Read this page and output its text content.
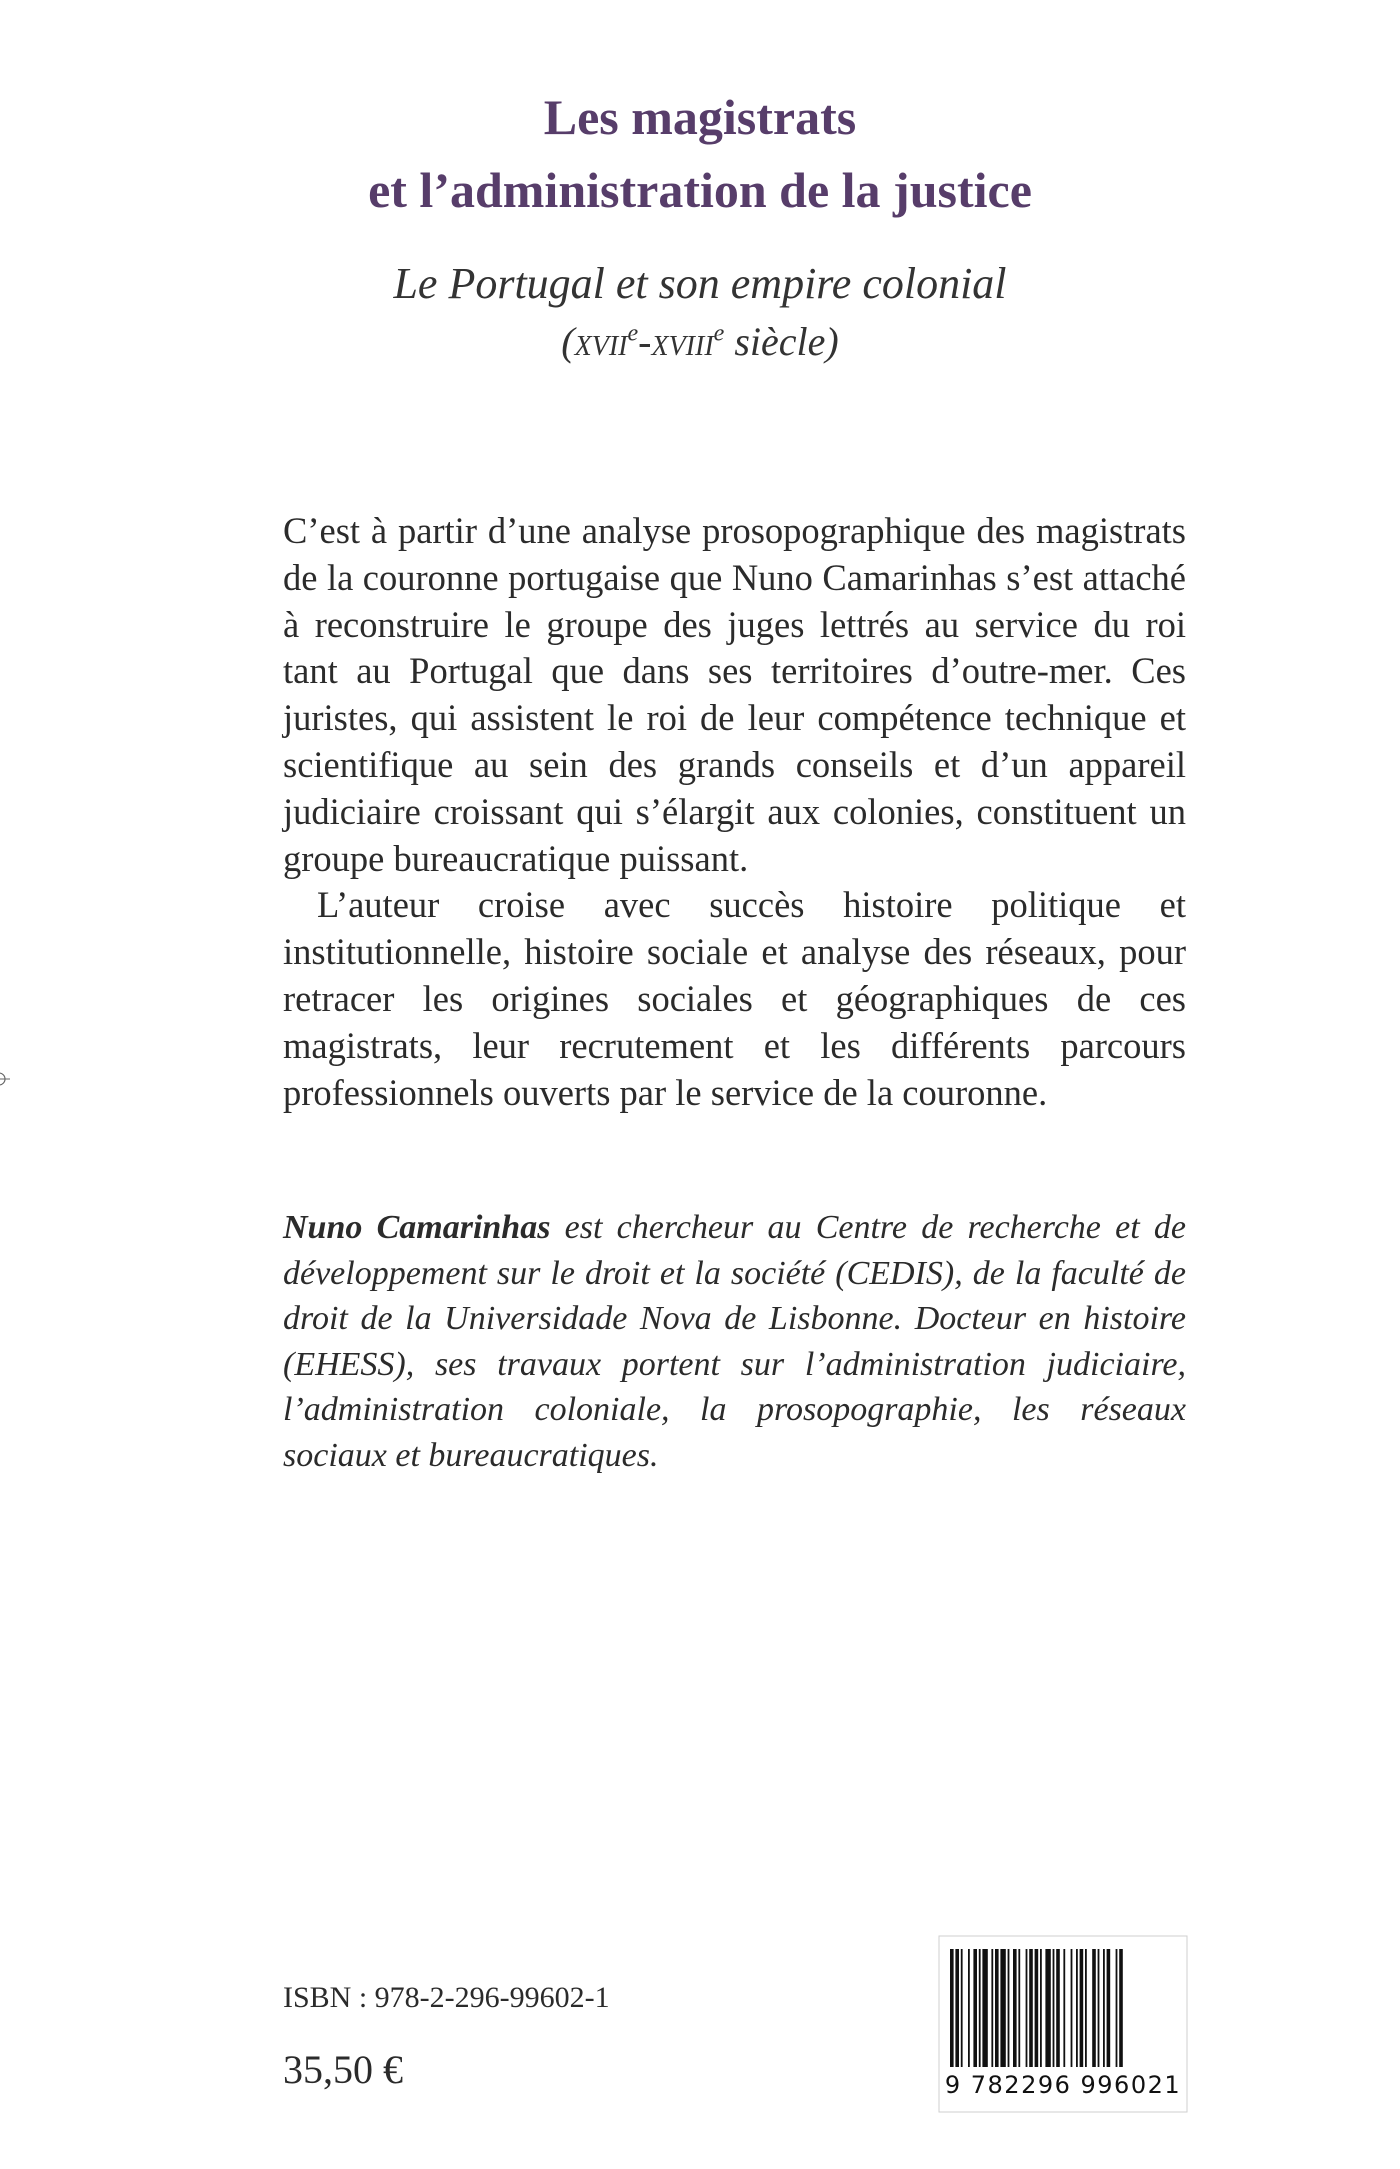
Les magistrats
et l’administration de la justice
Le Portugal et son empire colonial
(xvii$^e$-xviii$^e$ siècle)

C’est à partir d’une analyse prosopographique des magistrats de la couronne portugaise que Nuno Camarinhas s’est attaché à reconstruire le groupe des juges lettrés au service du roi tant au Portugal que dans ses territoires d’outre-mer. Ces juristes, qui assistent le roi de leur compétence technique et scientifique au sein des grands conseils et d’un appareil judiciaire croissant qui s’élargit aux colonies, constituent un groupe bureaucratique puissant.

L’auteur croise avec succès histoire politique et institutionnelle, histoire sociale et analyse des réseaux, pour retracer les origines sociales et géographiques de ces magistrats, leur recrutement et les différents parcours professionnels ouverts par le service de la couronne.

Nuno Camarinhas est chercheur au Centre de recherche et de développement sur le droit et la société (CEDIS), de la faculté de droit de la Universidade Nova de Lisbonne. Docteur en histoire (EHESS), ses travaux portent sur l’administration judiciaire, l’administration coloniale, la prosopographie, les réseaux sociaux et bureaucratiques.

ISBN : 978-2-296-99602-1
35,50 €	9 782296 996021
